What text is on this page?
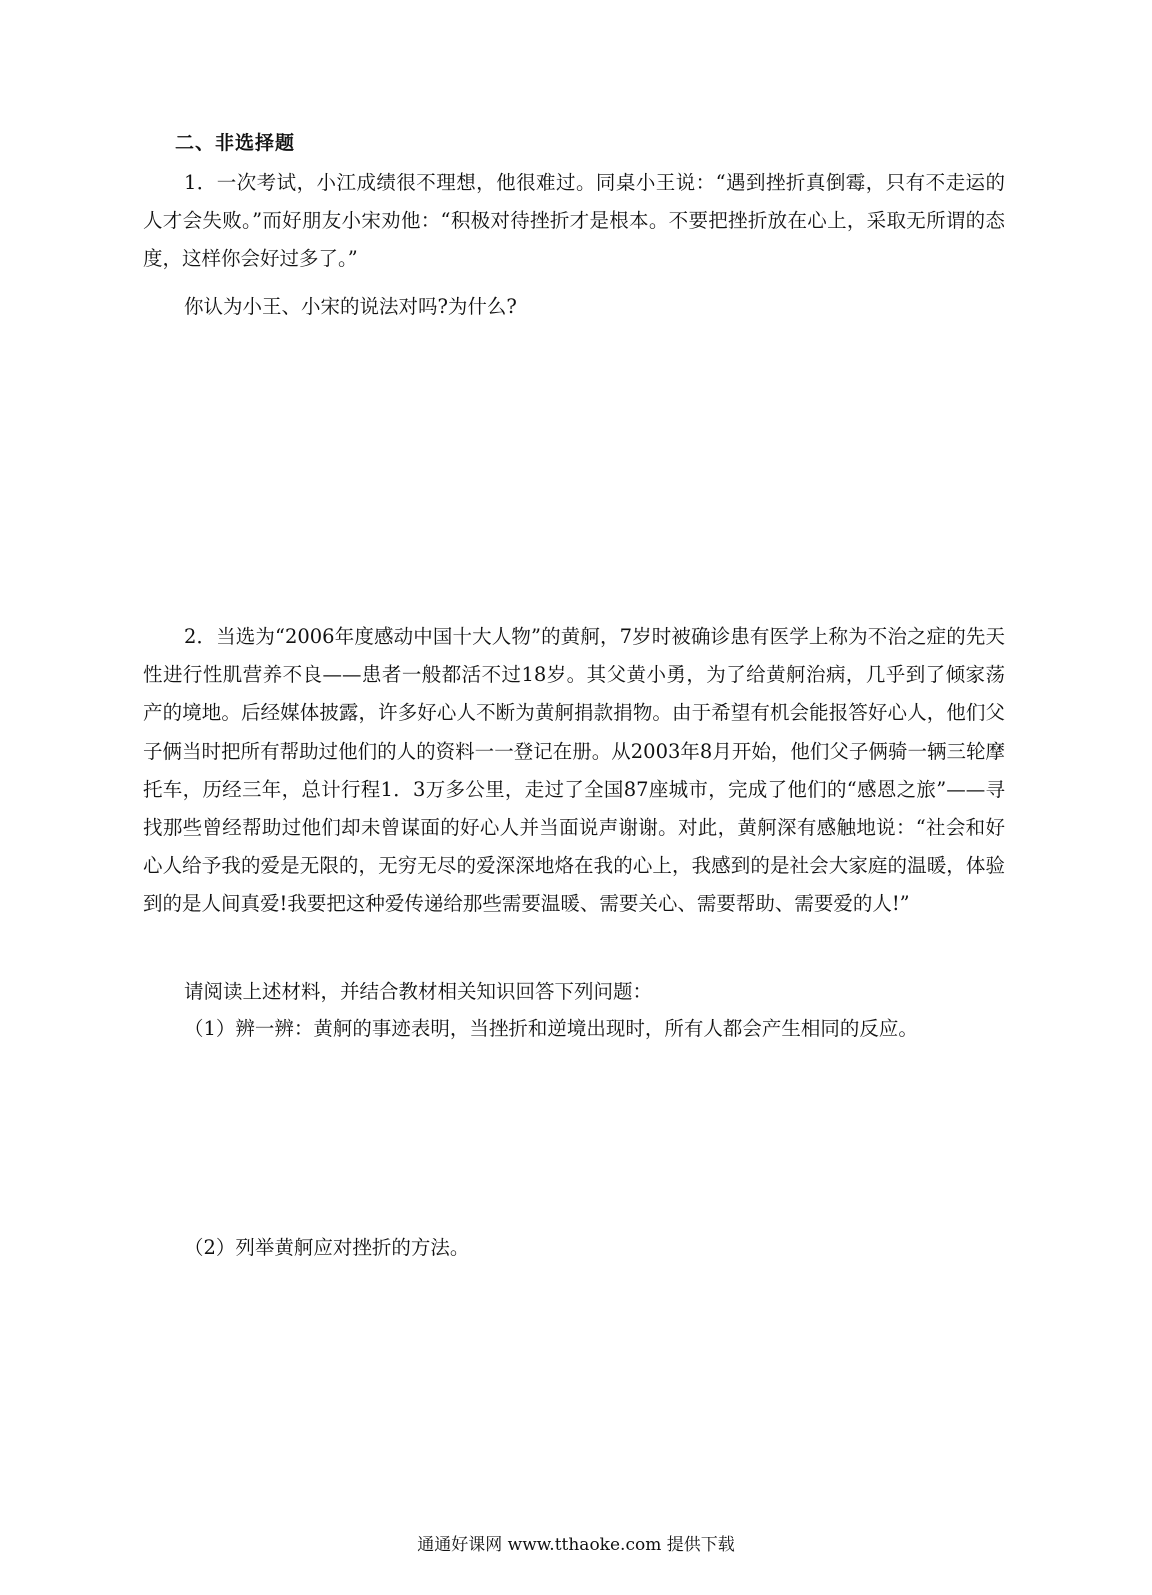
二、非选择题

1．一次考试，小江成绩很不理想，他很难过。同桌小王说：“遇到挫折真倒霉，只有不走运的人才会失败。”而好朋友小宋劝他：“积极对待挫折才是根本。不要把挫折放在心上，采取无所谓的态度，这样你会好过多了。”

你认为小王、小宋的说法对吗?为什么?

2．当选为“2006年度感动中国十大人物”的黄舸，7岁时被确诊患有医学上称为不治之症的先天性进行性肌营养不良——患者一般都活不过18岁。其父黄小勇，为了给黄舸治病，几乎到了倾家荡产的境地。后经媒体披露，许多好心人不断为黄舸捐款捐物。由于希望有机会能报答好心人，他们父子俩当时把所有帮助过他们的人的资料一一登记在册。从2003年8月开始，他们父子俩骑一辆三轮摩托车，历经三年，总计行程1．3万多公里，走过了全国87座城市，完成了他们的“感恩之旅”——寻找那些曾经帮助过他们却未曾谋面的好心人并当面说声谢谢。对此，黄舸深有感触地说：“社会和好心人给予我的爱是无限的，无穷无尽的爱深深地烙在我的心上，我感到的是社会大家庭的温暖，体验到的是人间真爱!我要把这种爱传递给那些需要温暖、需要关心、需要帮助、需要爱的人!”

请阅读上述材料，并结合教材相关知识回答下列问题：

（1）辨一辨：黄舸的事迹表明，当挫折和逆境出现时，所有人都会产生相同的反应。

（2）列举黄舸应对挫折的方法。

通通好课网 www.tthaoke.com 提供下载
